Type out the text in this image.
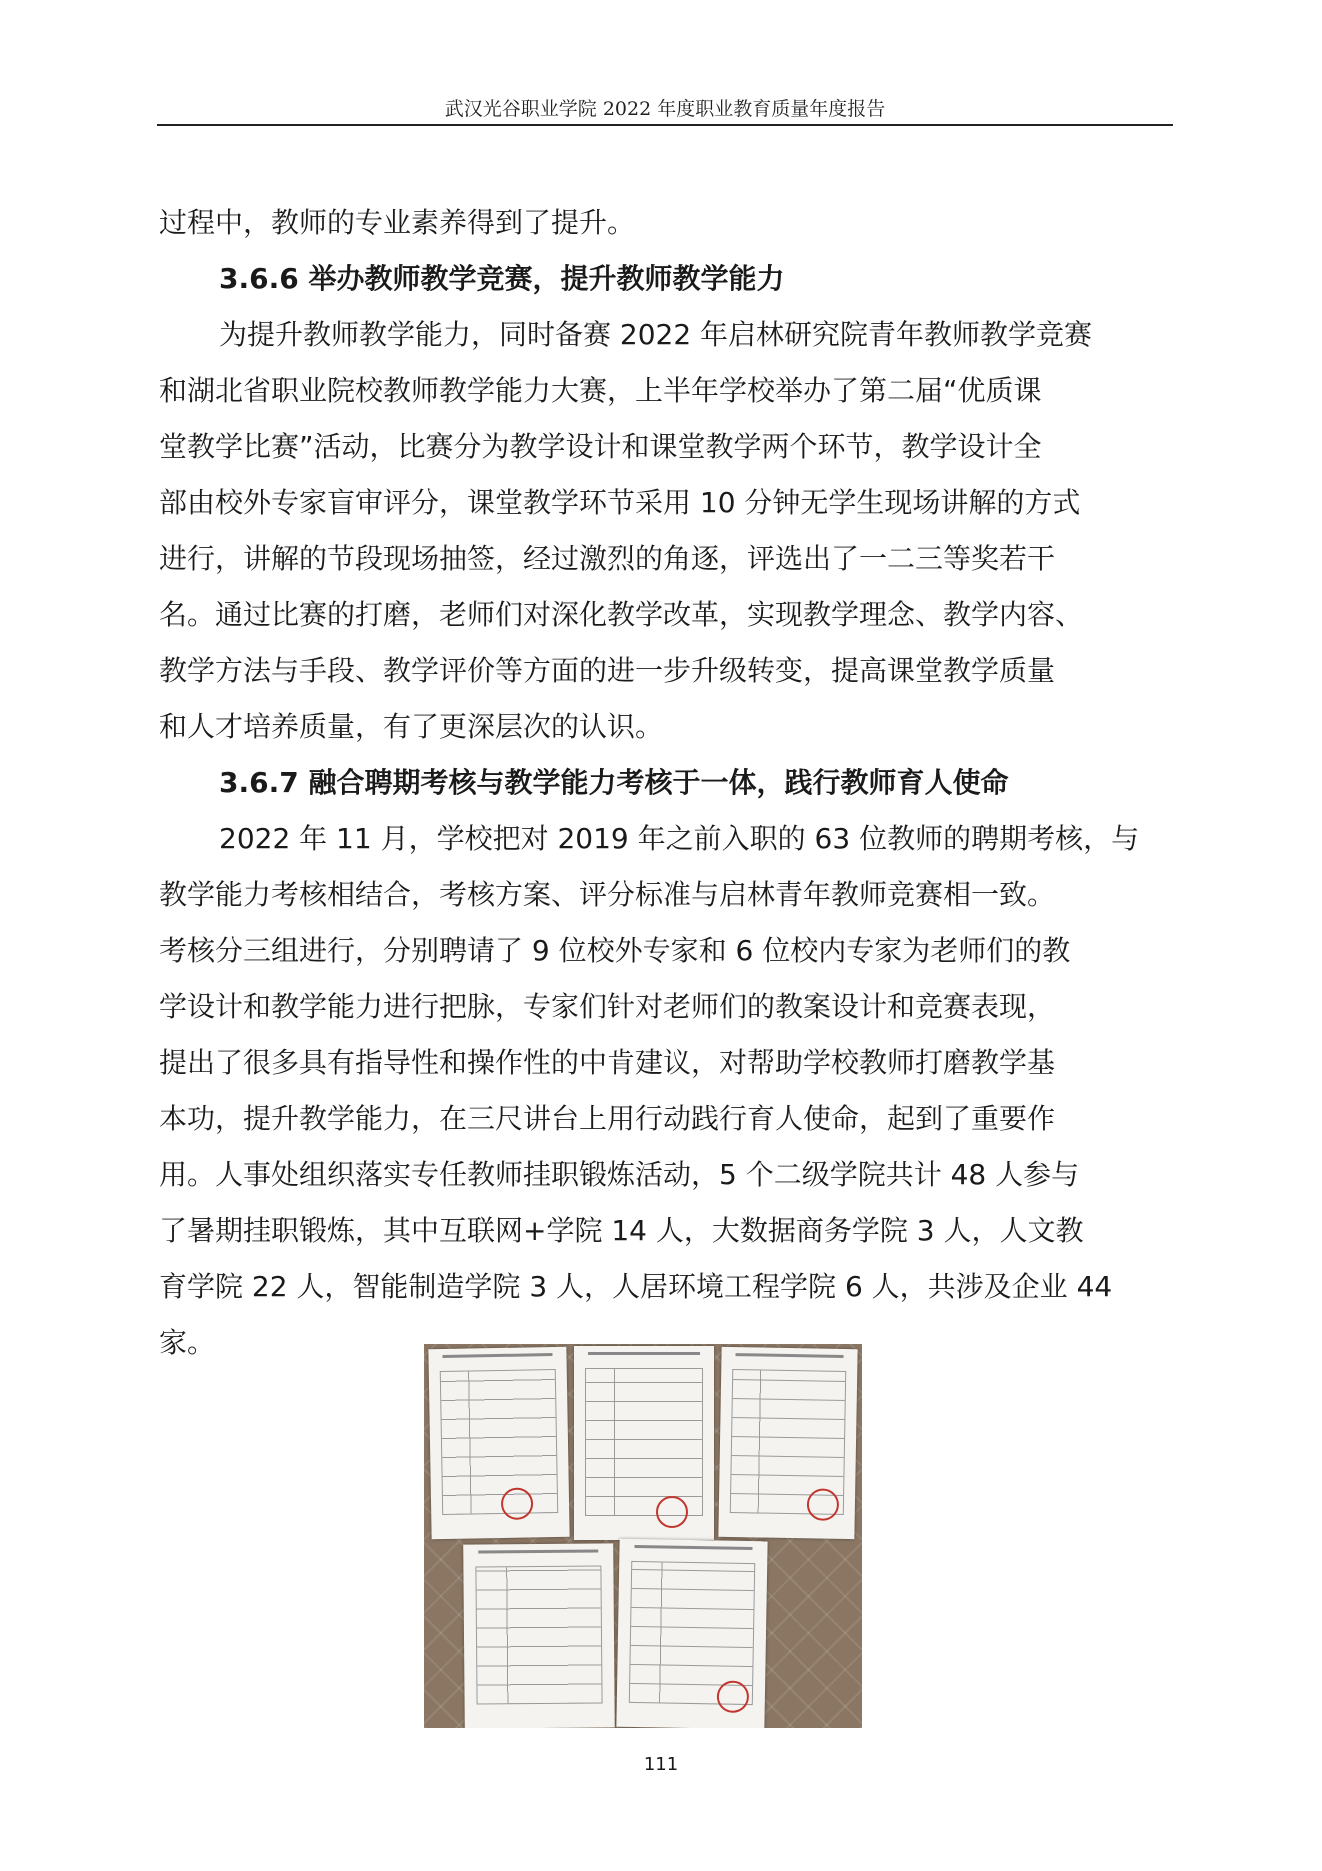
武汉光谷职业学院 2022 年度职业教育质量年度报告
过程中，教师的专业素养得到了提升。
3.6.6 举办教师教学竞赛，提升教师教学能力
为提升教师教学能力，同时备赛 2022 年启林研究院青年教师教学竞赛
和湖北省职业院校教师教学能力大赛，上半年学校举办了第二届“优质课
堂教学比赛”活动，比赛分为教学设计和课堂教学两个环节，教学设计全
部由校外专家盲审评分，课堂教学环节采用 10 分钟无学生现场讲解的方式
进行，讲解的节段现场抽签，经过激烈的角逐，评选出了一二三等奖若干
名。通过比赛的打磨，老师们对深化教学改革，实现教学理念、教学内容、
教学方法与手段、教学评价等方面的进一步升级转变，提高课堂教学质量
和人才培养质量，有了更深层次的认识。
3.6.7 融合聘期考核与教学能力考核于一体，践行教师育人使命
2022 年 11 月，学校把对 2019 年之前入职的 63 位教师的聘期考核，与
教学能力考核相结合，考核方案、评分标准与启林青年教师竞赛相一致。
考核分三组进行，分别聘请了 9 位校外专家和 6 位校内专家为老师们的教
学设计和教学能力进行把脉，专家们针对老师们的教案设计和竞赛表现，
提出了很多具有指导性和操作性的中肯建议，对帮助学校教师打磨教学基
本功，提升教学能力，在三尺讲台上用行动践行育人使命，起到了重要作
用。人事处组织落实专任教师挂职锻炼活动，5 个二级学院共计 48 人参与
了暑期挂职锻炼，其中互联网+学院 14 人，大数据商务学院 3 人，人文教
育学院 22 人，智能制造学院 3 人，人居环境工程学院 6 人，共涉及企业 44
家。
111
